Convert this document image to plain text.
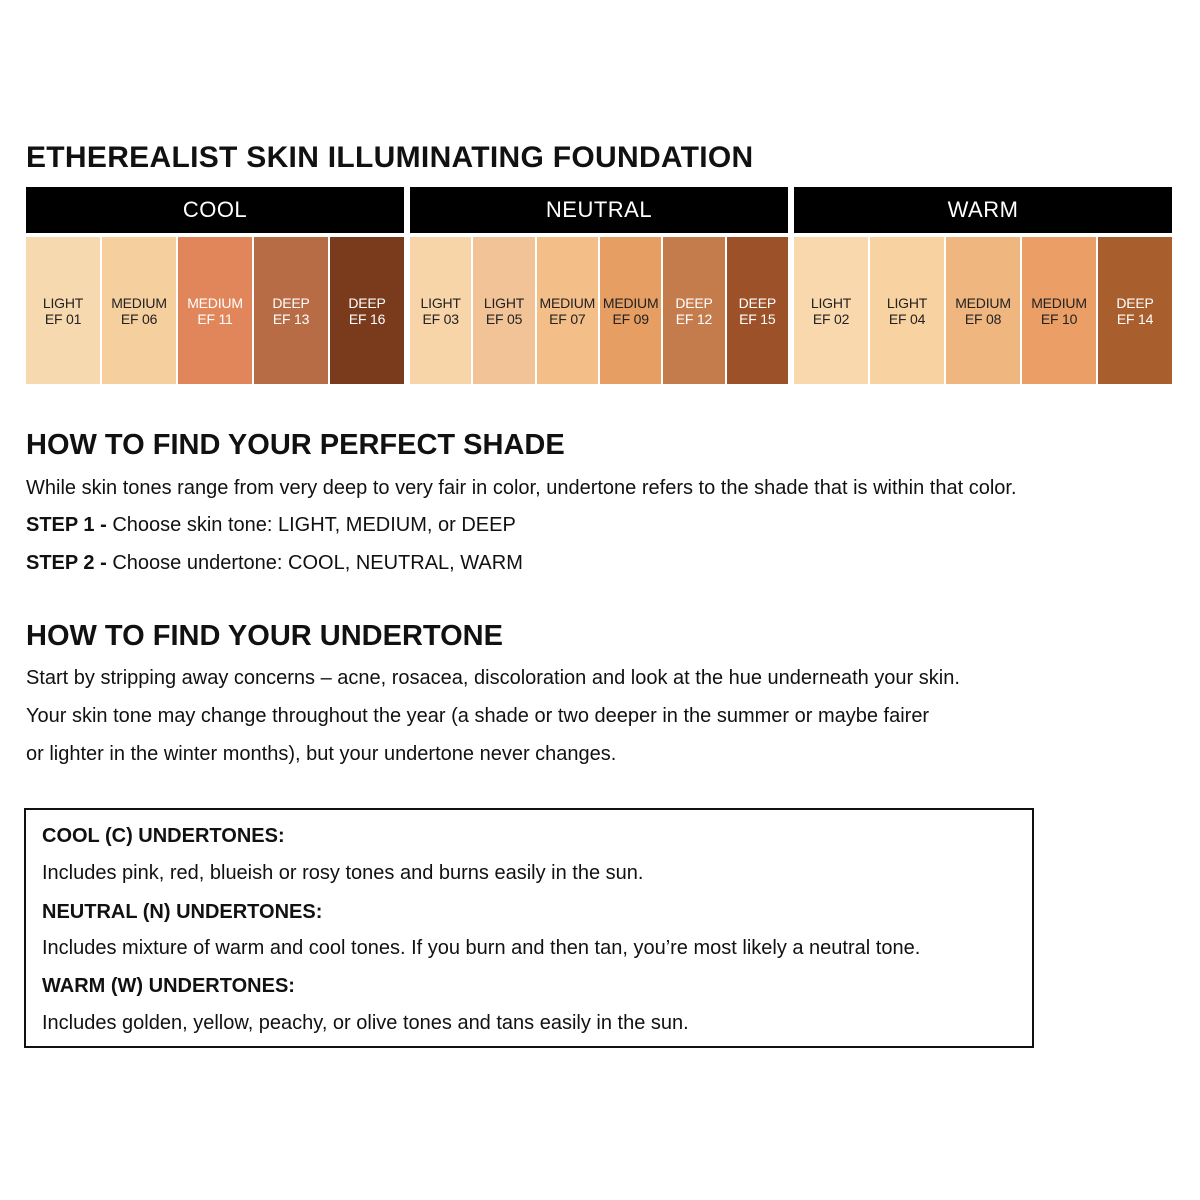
ETHEREALIST SKIN ILLUMINATING FOUNDATION
COOL
LIGHT
EF 01
MEDIUM
EF 06
MEDIUM
EF 11
DEEP
EF 13
DEEP
EF 16
NEUTRAL
LIGHT
EF 03
LIGHT
EF 05
MEDIUM
EF 07
MEDIUM
EF 09
DEEP
EF 12
DEEP
EF 15
WARM
LIGHT
EF 02
LIGHT
EF 04
MEDIUM
EF 08
MEDIUM
EF 10
DEEP
EF 14
HOW TO FIND YOUR PERFECT SHADE

While skin tones range from very deep to very fair in color, undertone refers to the shade that is within that color.

STEP 1 - Choose skin tone: LIGHT, MEDIUM, or DEEP

STEP 2 - Choose undertone: COOL, NEUTRAL, WARM

HOW TO FIND YOUR UNDERTONE

Start by stripping away concerns – acne, rosacea, discoloration and look at the hue underneath your skin.

Your skin tone may change throughout the year (a shade or two deeper in the summer or maybe fairer

or lighter in the winter months), but your undertone never changes.

COOL (C) UNDERTONES:

Includes pink, red, blueish or rosy tones and burns easily in the sun.

NEUTRAL (N) UNDERTONES:

Includes mixture of warm and cool tones. If you burn and then tan, you’re most likely a neutral tone.

WARM (W) UNDERTONES:

Includes golden, yellow, peachy, or olive tones and tans easily in the sun.
